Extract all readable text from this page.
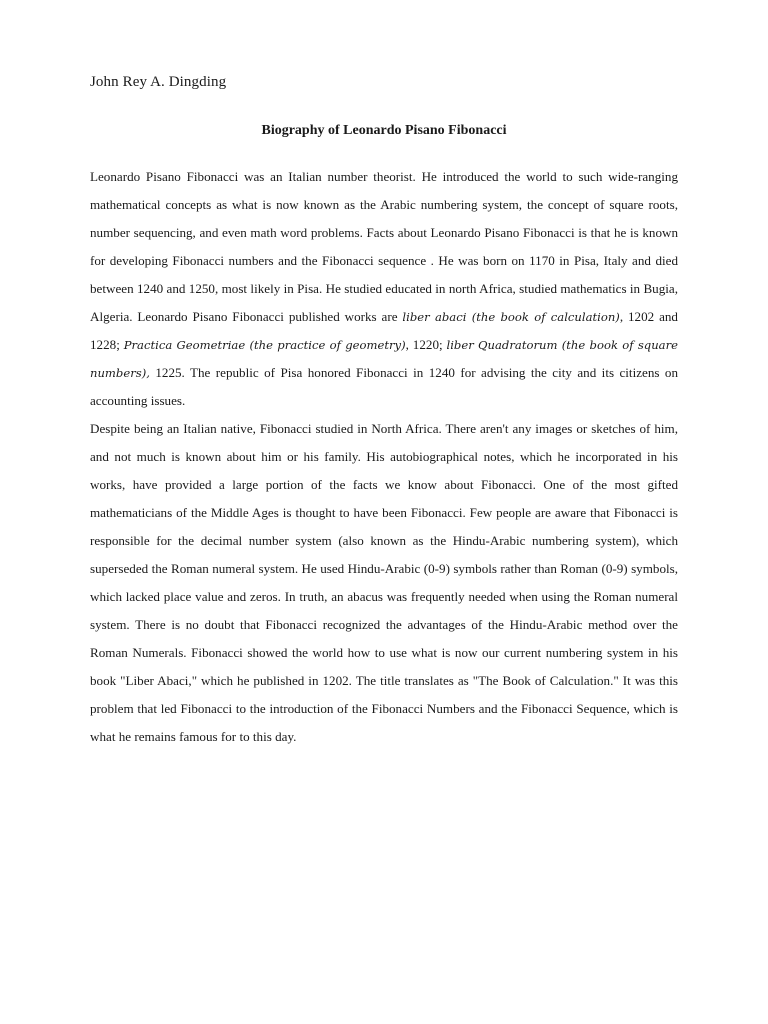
John Rey A. Dingding
Biography of Leonardo Pisano Fibonacci

Leonardo Pisano Fibonacci was an Italian number theorist. He introduced the world to such wide-ranging mathematical concepts as what is now known as the Arabic numbering system, the concept of square roots, number sequencing, and even math word problems. Facts about Leonardo Pisano Fibonacci is that he is known for developing Fibonacci numbers and the Fibonacci sequence . He was born on 1170 in Pisa, Italy and died between 1240 and 1250, most likely in Pisa. He studied educated in north Africa, studied mathematics in Bugia, Algeria. Leonardo Pisano Fibonacci published works are liber abaci (the book of calculation), 1202 and 1228; Practica Geometriae (the practice of geometry), 1220; liber Quadratorum (the book of square numbers), 1225. The republic of Pisa honored Fibonacci in 1240 for advising the city and its citizens on accounting issues.

Despite being an Italian native, Fibonacci studied in North Africa. There aren't any images or sketches of him, and not much is known about him or his family. His autobiographical notes, which he incorporated in his works, have provided a large portion of the facts we know about Fibonacci. One of the most gifted mathematicians of the Middle Ages is thought to have been Fibonacci. Few people are aware that Fibonacci is responsible for the decimal number system (also known as the Hindu-Arabic numbering system), which superseded the Roman numeral system. He used Hindu-Arabic (0-9) symbols rather than Roman (0-9) symbols, which lacked place value and zeros. In truth, an abacus was frequently needed when using the Roman numeral system. There is no doubt that Fibonacci recognized the advantages of the Hindu-Arabic method over the Roman Numerals. Fibonacci showed the world how to use what is now our current numbering system in his book "Liber Abaci," which he published in 1202. The title translates as "The Book of Calculation." It was this problem that led Fibonacci to the introduction of the Fibonacci Numbers and the Fibonacci Sequence, which is what he remains famous for to this day.
